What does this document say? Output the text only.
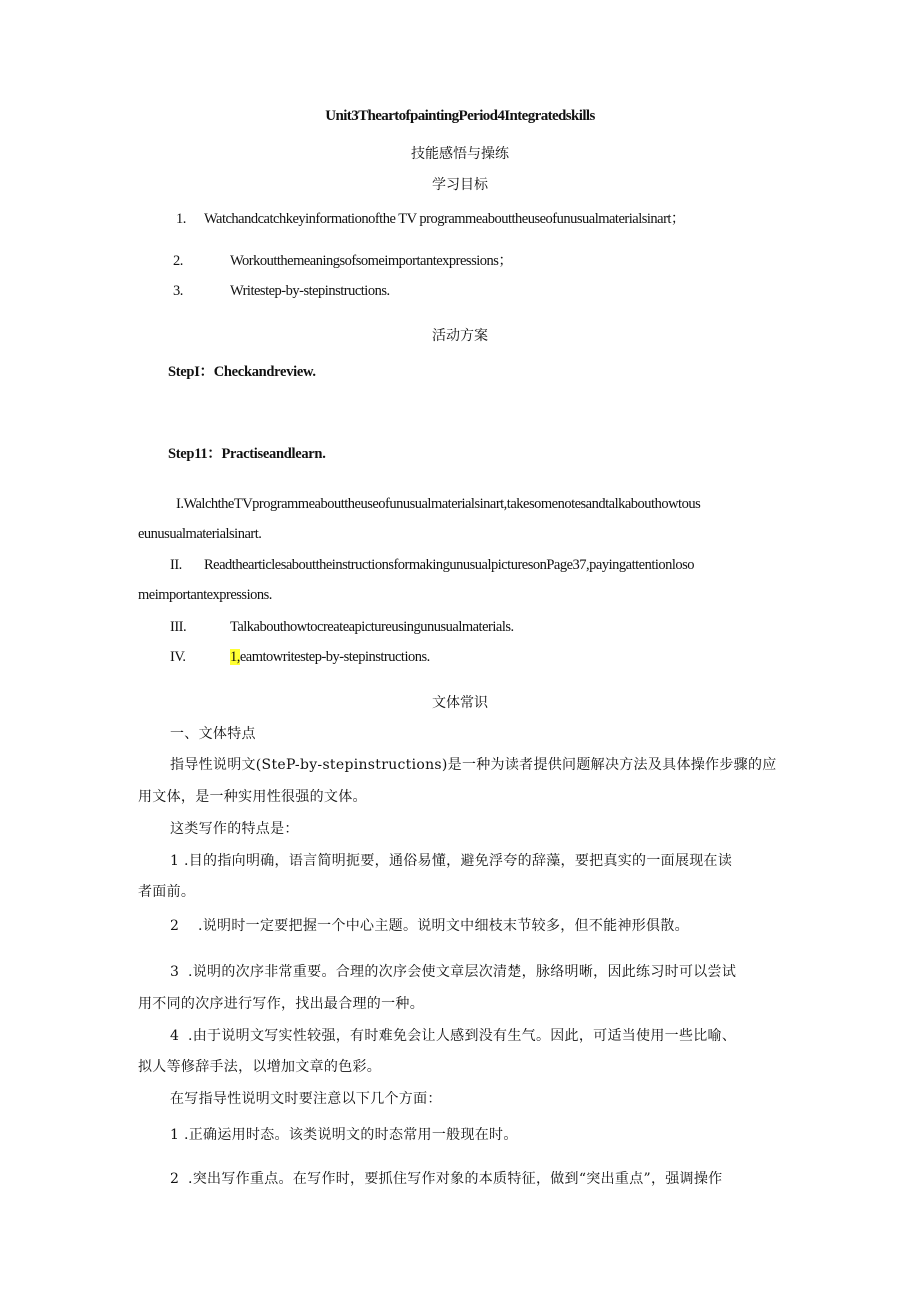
Unit3TheartofpaintingPeriod4Integratedskills
技能感悟与操练
学习目标
1. Watchandcatchkeyinformationofthe TV programmeabouttheuseofunusualmaterialsinart；
2.	Workoutthemeaningsofsomeimportantexpressions；
3.	Writestep-by-stepinstructions.
活动方案
StepI：Checkandreview.
Step11：Practiseandlearn.
I.WalchtheTVprogrammeabouttheuseofunusualmaterialsinart,takesomenotesandtalkabouthowtous
eunusualmaterialsinart.
II. ReadthearticlesabouttheinstructionsformakingunusualpicturesonPage37,payingattentionloso
meimportantexpressions.
III.	Talkabouthowtocreateapictureusingunusualmaterials.
IV.	1,eamtowritestep-by-stepinstructions.
文体常识
一、文体特点
指导性说明文(SteP-by-stepinstructions)是一种为读者提供问题解决方法及具体操作步骤的应
用文体，是一种实用性很强的文体。
这类写作的特点是：
1 .目的指向明确，语言简明扼要，通俗易懂，避免浮夸的辞藻，要把真实的一面展现在读
者面前。
2 .说明时一定要把握一个中心主题。说明文中细枝末节较多，但不能神形俱散。
3 .说明的次序非常重要。合理的次序会使文章层次清楚，脉络明晰，因此练习时可以尝试
用不同的次序进行写作，找出最合理的一种。
4 .由于说明文写实性较强，有时难免会让人感到没有生气。因此，可适当使用一些比喻、
拟人等修辞手法，以增加文章的色彩。
在写指导性说明文时要注意以下几个方面：
1 .正确运用时态。该类说明文的时态常用一般现在时。
2 .突出写作重点。在写作时，要抓住写作对象的本质特征，做到“突出重点”，强调操作
